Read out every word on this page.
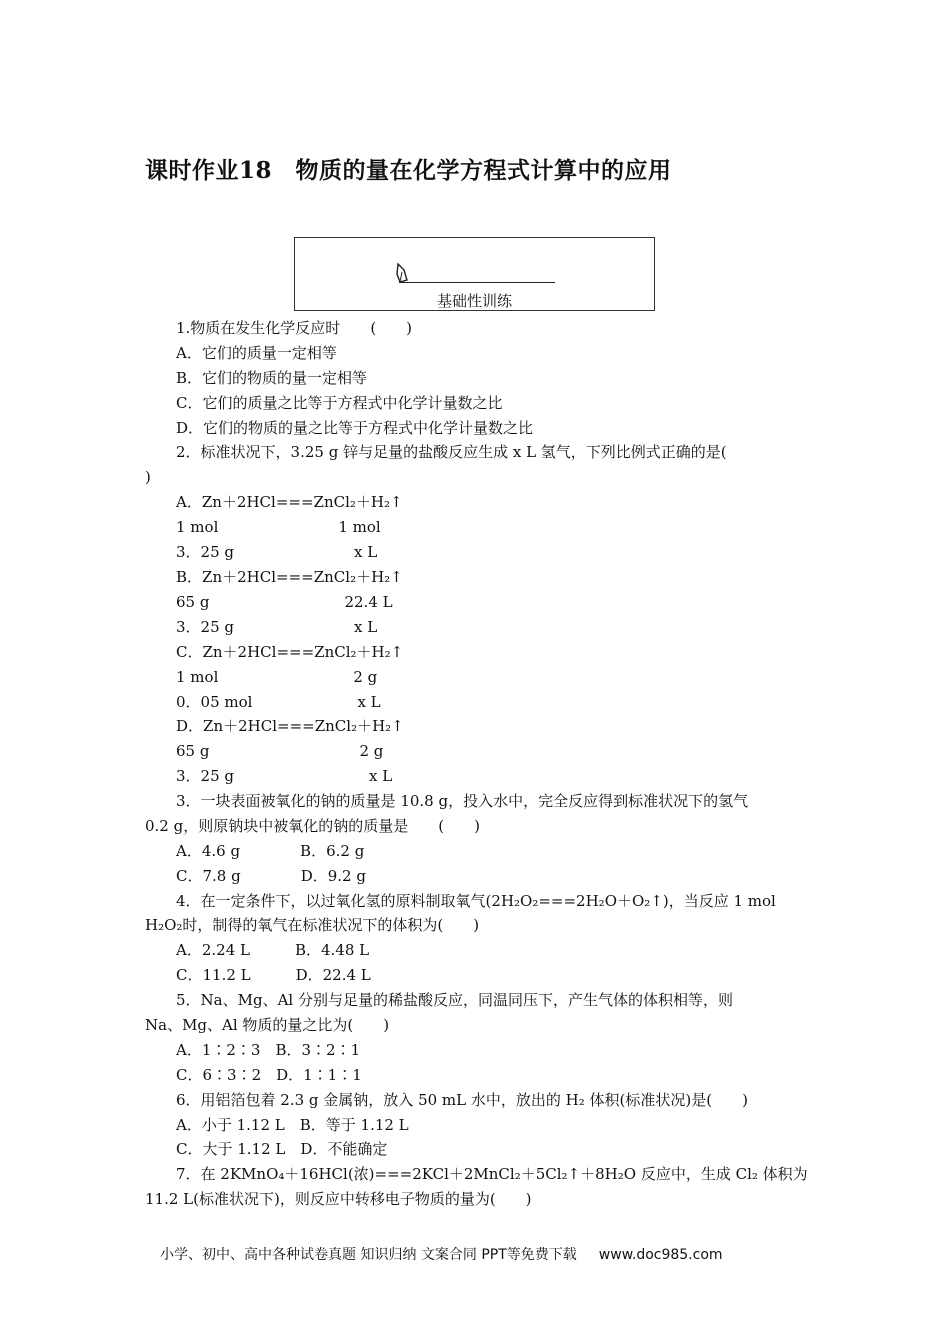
课时作业18　物质的量在化学方程式计算中的应用
基础性训练
1.物质在发生化学反应时　　(　　)
A．它们的质量一定相等
B．它们的物质的量一定相等
C．它们的质量之比等于方程式中化学计量数之比
D．它们的物质的量之比等于方程式中化学计量数之比
2．标准状况下，3.25 g 锌与足量的盐酸反应生成 x L 氢气，下列比例式正确的是(
)
A．Zn＋2HCl===ZnCl₂＋H₂↑
1 mol　　　　　　　　1 mol
3．25 g　　　　　　　　x L
B．Zn＋2HCl===ZnCl₂＋H₂↑
65 g　　　　　　　　　22.4 L
3．25 g　　　　　　　　x L
C．Zn＋2HCl===ZnCl₂＋H₂↑
1 mol　　　　　　　　　2 g
0．05 mol　　　　　　　x L
D．Zn＋2HCl===ZnCl₂＋H₂↑
65 g　　　　　　　　　　2 g
3．25 g　　　　　　　　　x L
3．一块表面被氧化的钠的质量是 10.8 g，投入水中，完全反应得到标准状况下的氢气
0.2 g，则原钠块中被氧化的钠的质量是　　(　　)
A．4.6 g　　　　B．6.2 g
C．7.8 g　　　　D．9.2 g
4．在一定条件下，以过氧化氢的原料制取氧气(2H₂O₂===2H₂O＋O₂↑)，当反应 1 mol
H₂O₂时，制得的氧气在标准状况下的体积为(　　)
A．2.24 L　　　B．4.48 L
C．11.2 L　　　D．22.4 L
5．Na、Mg、Al 分别与足量的稀盐酸反应，同温同压下，产生气体的体积相等，则
Na、Mg、Al 物质的量之比为(　　)
A．1∶2∶3　B．3∶2∶1
C．6∶3∶2　D．1∶1∶1
6．用铝箔包着 2.3 g 金属钠，放入 50 mL 水中，放出的 H₂ 体积(标准状况)是(　　)
A．小于 1.12 L　B．等于 1.12 L
C．大于 1.12 L　D．不能确定
7．在 2KMnO₄＋16HCl(浓)===2KCl＋2MnCl₂＋5Cl₂↑＋8H₂O 反应中，生成 Cl₂ 体积为
11.2 L(标准状况下)，则反应中转移电子物质的量为(　　)
小学、初中、高中各种试卷真题 知识归纳 文案合同 PPT等免费下载 www.doc985.com
